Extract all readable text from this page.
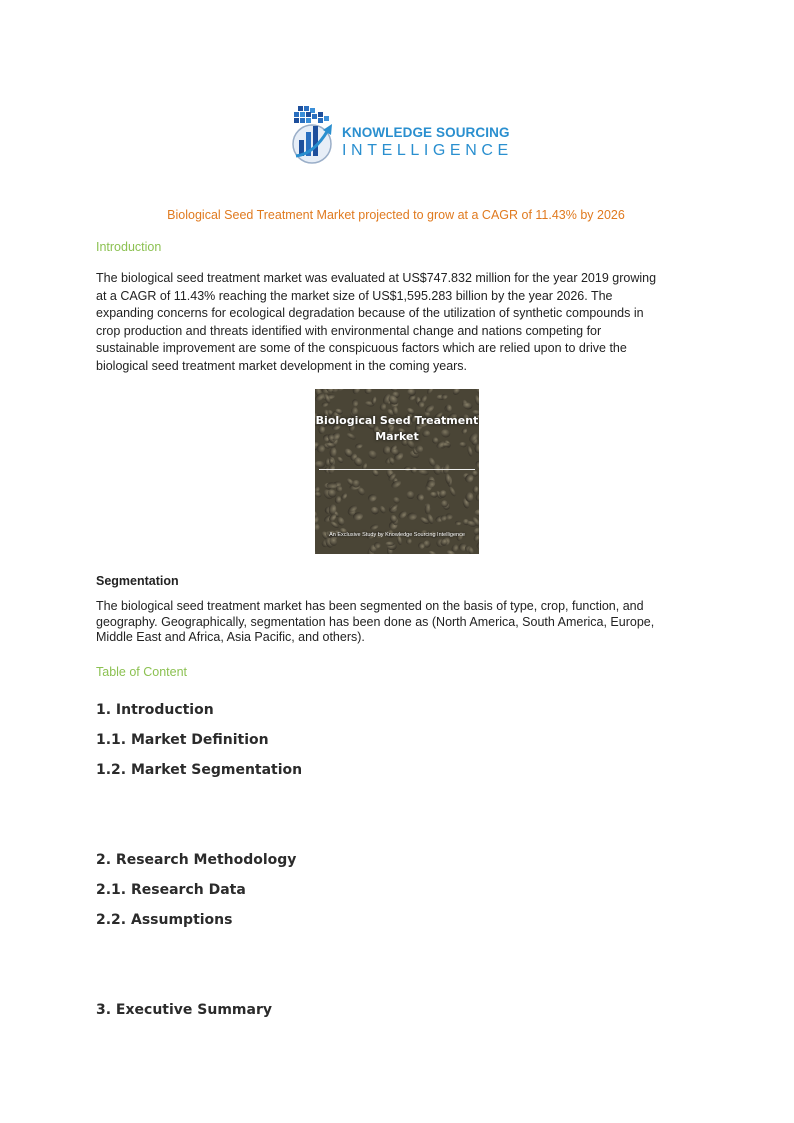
KNOWLEDGE SOURCING
INTELLIGENCE
Biological Seed Treatment Market projected to grow at a CAGR of 11.43% by 2026
Introduction
The biological seed treatment market was evaluated at US$747.832 million for the year 2019 growing
at a CAGR of 11.43% reaching the market size of US$1,595.283 billion by the year 2026. The
expanding concerns for ecological degradation because of the utilization of synthetic compounds in
crop production and threats identified with environmental change and nations competing for
sustainable improvement are some of the conspicuous factors which are relied upon to drive the
biological seed treatment market development in the coming years.
Biological Seed Treatment
Market
An Exclusive Study by Knowledge Sourcing Intelligence
Segmentation
The biological seed treatment market has been segmented on the basis of type, crop, function, and
geography. Geographically, segmentation has been done as (North America, South America, Europe,
Middle East and Africa, Asia Pacific, and others).
Table of Content
1. Introduction
1.1. Market Definition
1.2. Market Segmentation
2. Research Methodology
2.1. Research Data
2.2. Assumptions
3. Executive Summary
